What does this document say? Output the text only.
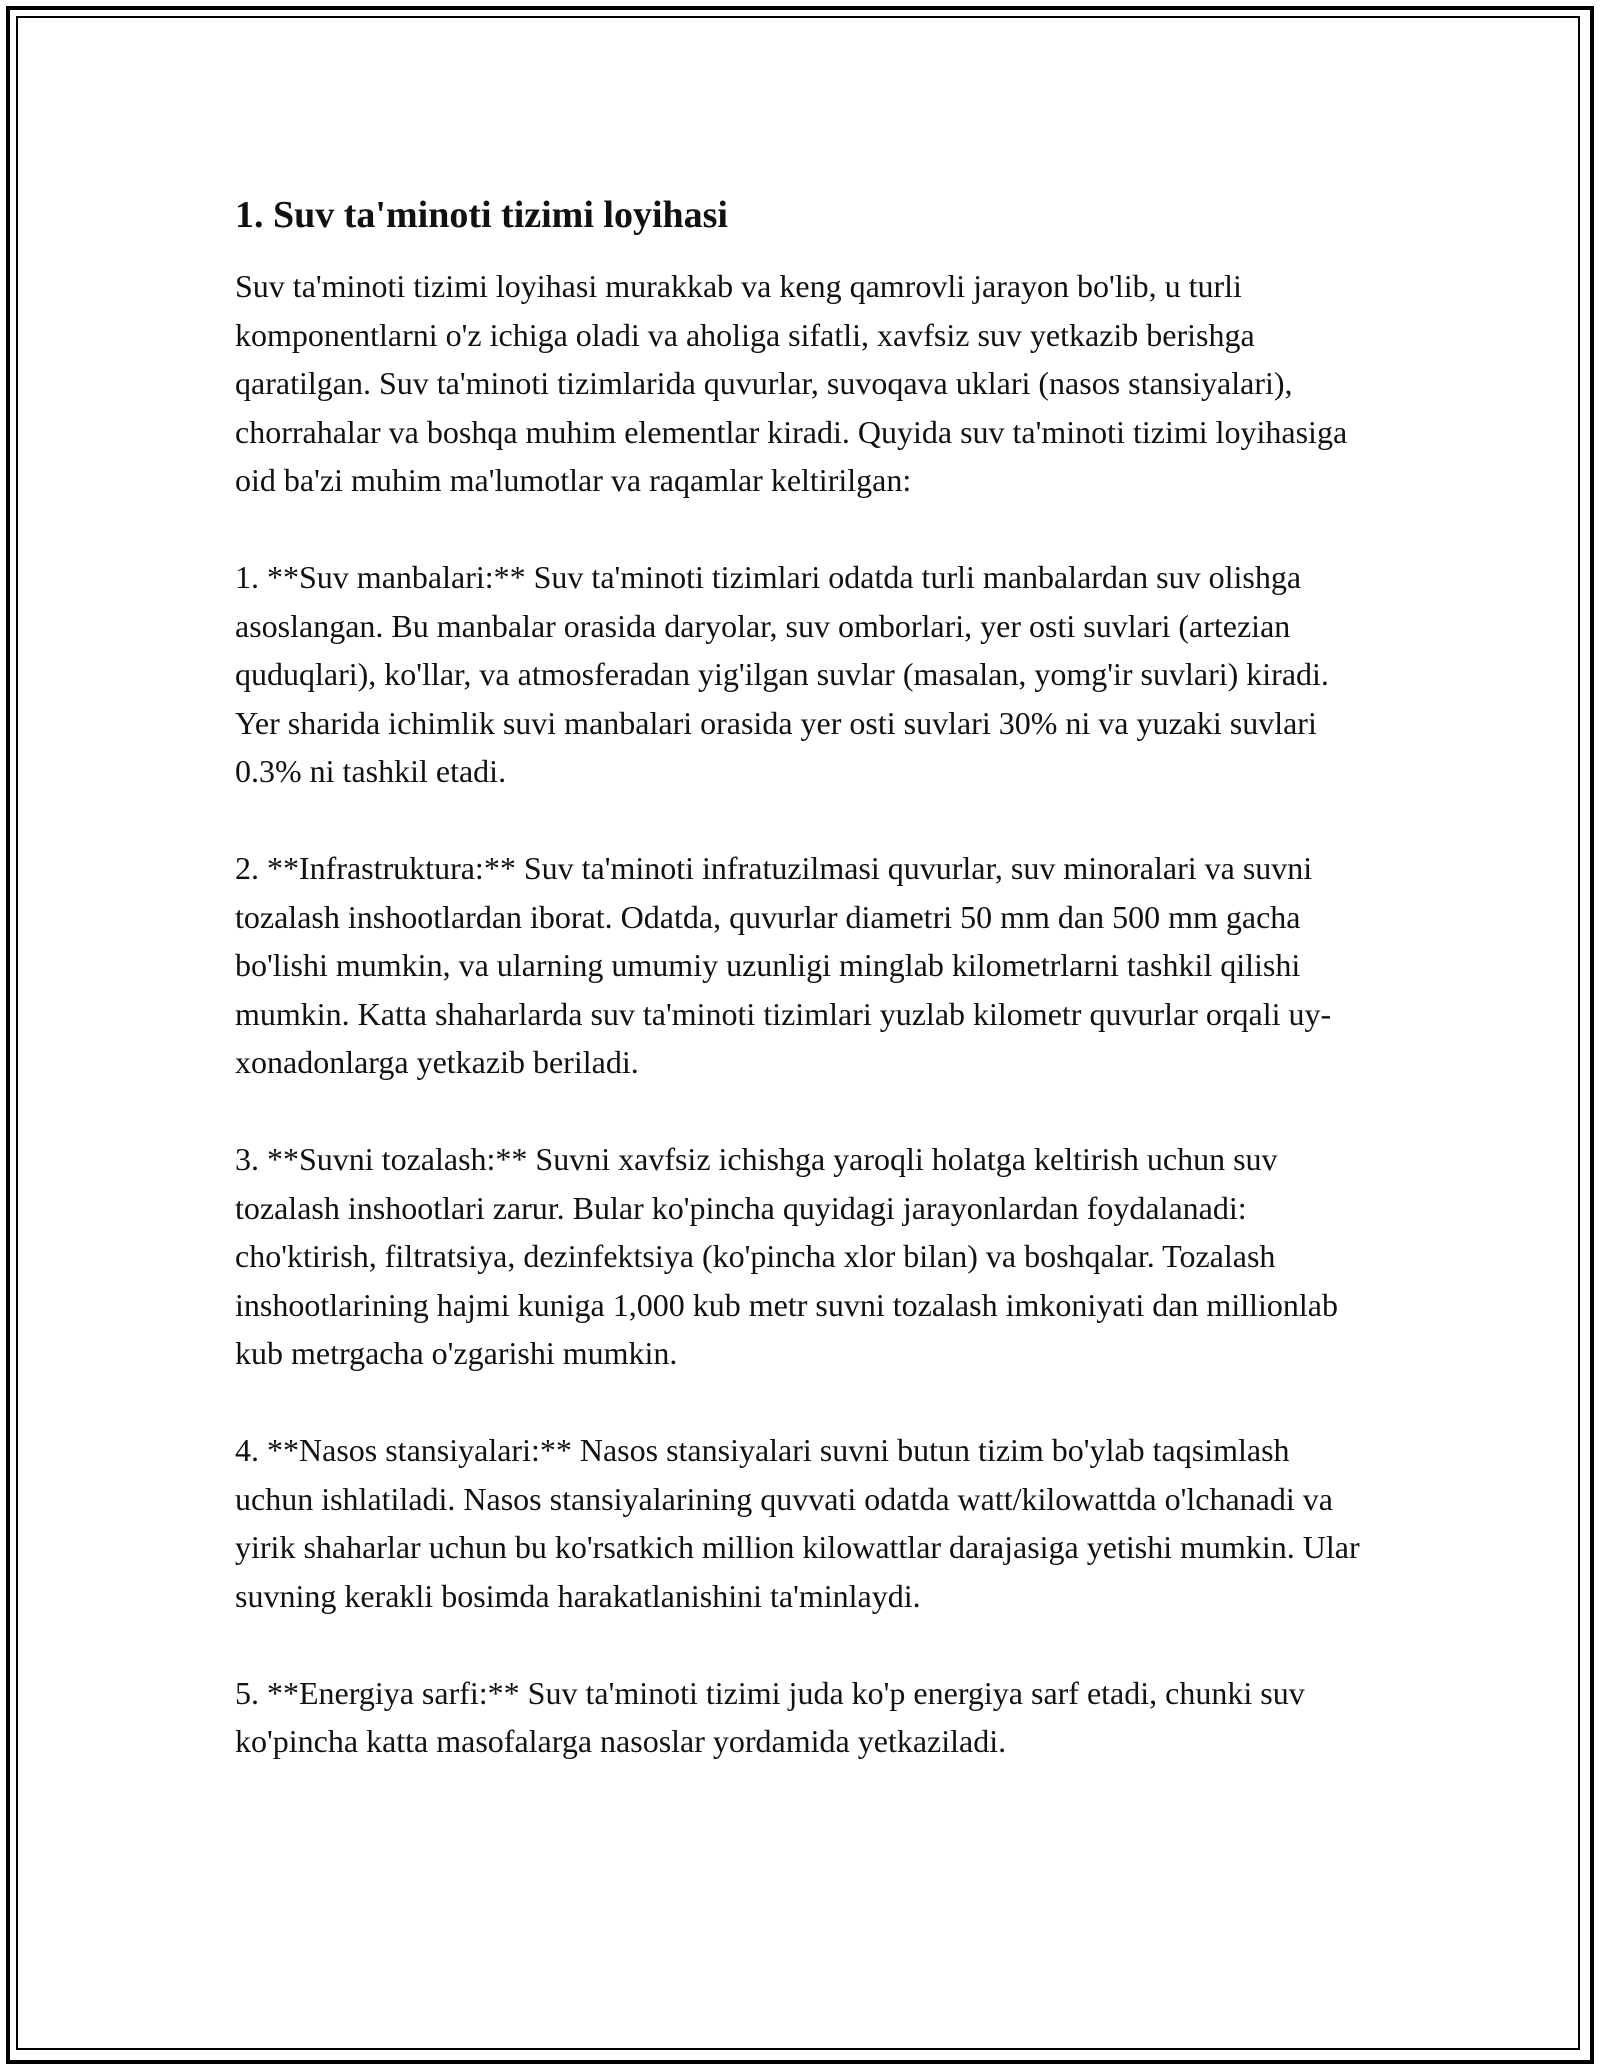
1. Suv ta'minoti tizimi loyihasi

Suv ta'minoti tizimi loyihasi murakkab va keng qamrovli jarayon bo'lib, u turli komponentlarni o'z ichiga oladi va aholiga sifatli, xavfsiz suv yetkazib berishga qaratilgan. Suv ta'minoti tizimlarida quvurlar, suvoqava uklari (nasos stansiyalari), chorrahalar va boshqa muhim elementlar kiradi. Quyida suv ta'minoti tizimi loyihasiga oid ba'zi muhim ma'lumotlar va raqamlar keltirilgan:

1. **Suv manbalari:** Suv ta'minoti tizimlari odatda turli manbalardan suv olishga asoslangan. Bu manbalar orasida daryolar, suv omborlari, yer osti suvlari (artezian quduqlari), ko'llar, va atmosferadan yig'ilgan suvlar (masalan, yomg'ir suvlari) kiradi. Yer sharida ichimlik suvi manbalari orasida yer osti suvlari 30% ni va yuzaki suvlari 0.3% ni tashkil etadi.

2. **Infrastruktura:** Suv ta'minoti infratuzilmasi quvurlar, suv minoralari va suvni tozalash inshootlardan iborat. Odatda, quvurlar diametri 50 mm dan 500 mm gacha bo'lishi mumkin, va ularning umumiy uzunligi minglab kilometrlarni tashkil qilishi mumkin. Katta shaharlarda suv ta'minoti tizimlari yuzlab kilometr quvurlar orqali uy-xonadonlarga yetkazib beriladi.

3. **Suvni tozalash:** Suvni xavfsiz ichishga yaroqli holatga keltirish uchun suv tozalash inshootlari zarur. Bular ko'pincha quyidagi jarayonlardan foydalanadi: cho'ktirish, filtratsiya, dezinfektsiya (ko'pincha xlor bilan) va boshqalar. Tozalash inshootlarining hajmi kuniga 1,000 kub metr suvni tozalash imkoniyati dan millionlab kub metrgacha o'zgarishi mumkin.

4. **Nasos stansiyalari:** Nasos stansiyalari suvni butun tizim bo'ylab taqsimlash uchun ishlatiladi. Nasos stansiyalarining quvvati odatda watt/kilowattda o'lchanadi va yirik shaharlar uchun bu ko'rsatkich million kilowattlar darajasiga yetishi mumkin. Ular suvning kerakli bosimda harakatlanishini ta'minlaydi.

5. **Energiya sarfi:** Suv ta'minoti tizimi juda ko'p energiya sarf etadi, chunki suv ko'pincha katta masofalarga nasoslar yordamida yetkaziladi.
